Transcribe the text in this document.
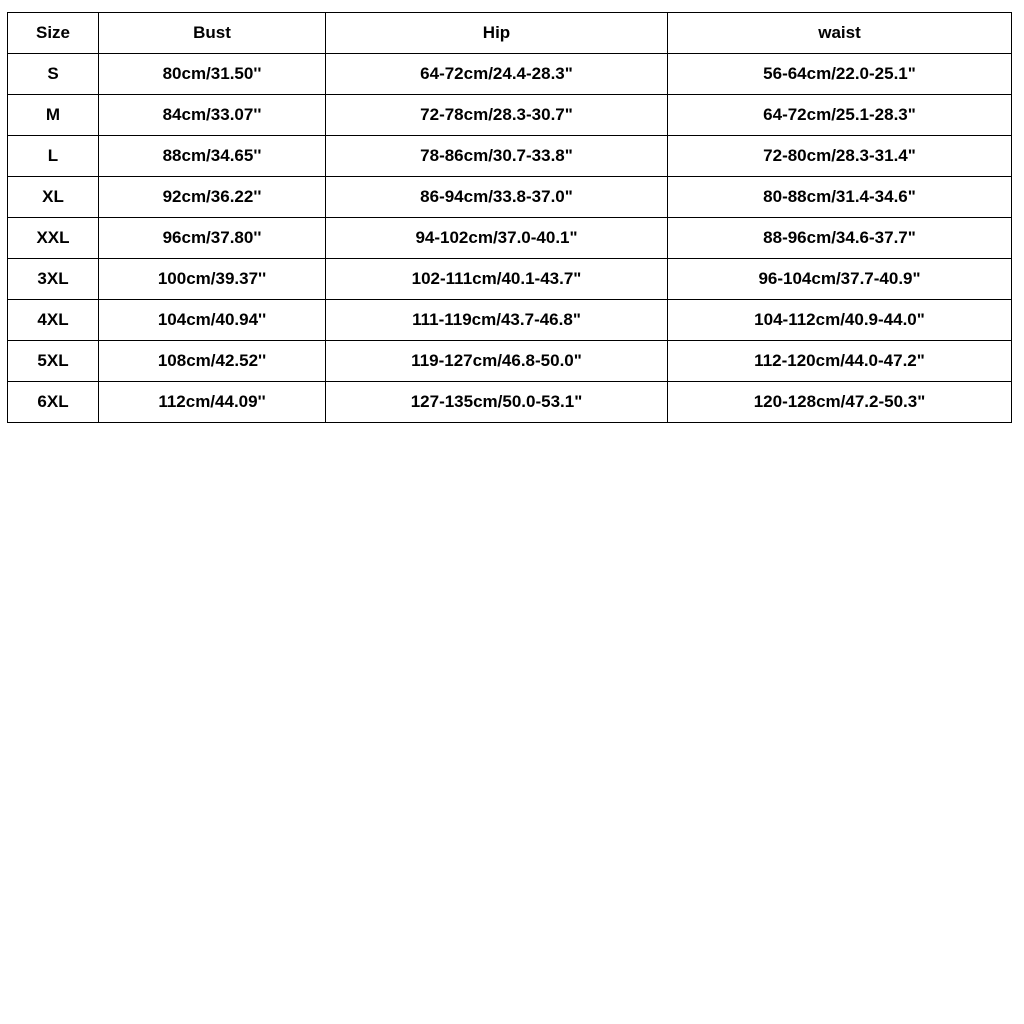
Size	Bust	Hip	waist
S	80cm/31.50''	64-72cm/24.4-28.3"	56-64cm/22.0-25.1"
M	84cm/33.07''	72-78cm/28.3-30.7"	64-72cm/25.1-28.3"
L	88cm/34.65''	78-86cm/30.7-33.8"	72-80cm/28.3-31.4"
XL	92cm/36.22''	86-94cm/33.8-37.0"	80-88cm/31.4-34.6"
XXL	96cm/37.80''	94-102cm/37.0-40.1"	88-96cm/34.6-37.7"
3XL	100cm/39.37''	102-111cm/40.1-43.7"	96-104cm/37.7-40.9"
4XL	104cm/40.94''	111-119cm/43.7-46.8"	104-112cm/40.9-44.0"
5XL	108cm/42.52''	119-127cm/46.8-50.0"	112-120cm/44.0-47.2"
6XL	112cm/44.09''	127-135cm/50.0-53.1"	120-128cm/47.2-50.3"
